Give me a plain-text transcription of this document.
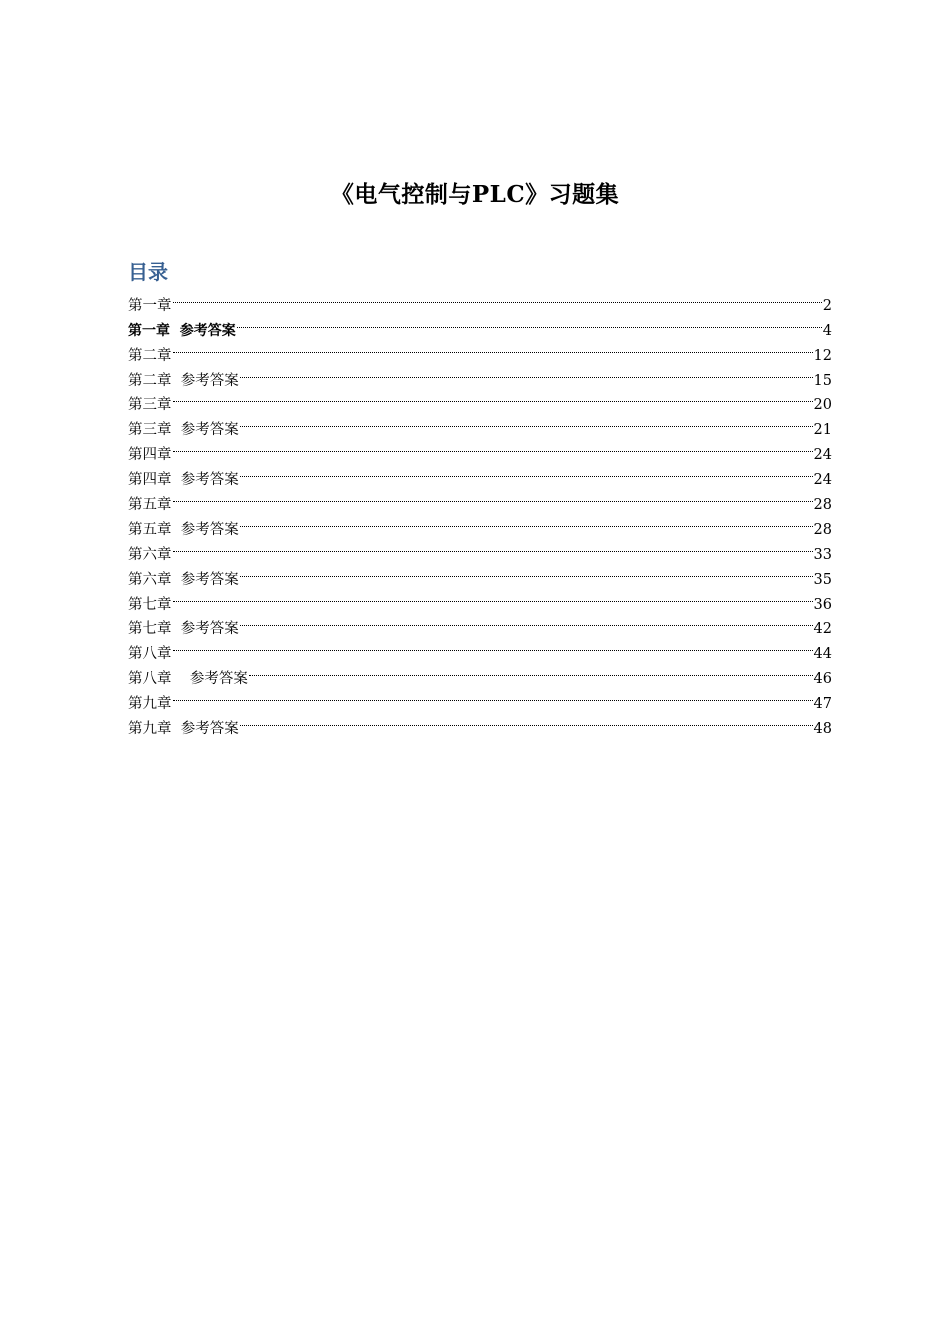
《电气控制与PLC》习题集
目录
第一章	2
第一章  参考答案	4
第二章	12
第二章  参考答案	15
第三章	20
第三章  参考答案	21
第四章	24
第四章  参考答案	24
第五章	28
第五章  参考答案	28
第六章	33
第六章  参考答案	35
第七章	36
第七章  参考答案	42
第八章	44
第八章    参考答案	46
第九章	47
第九章  参考答案	48
